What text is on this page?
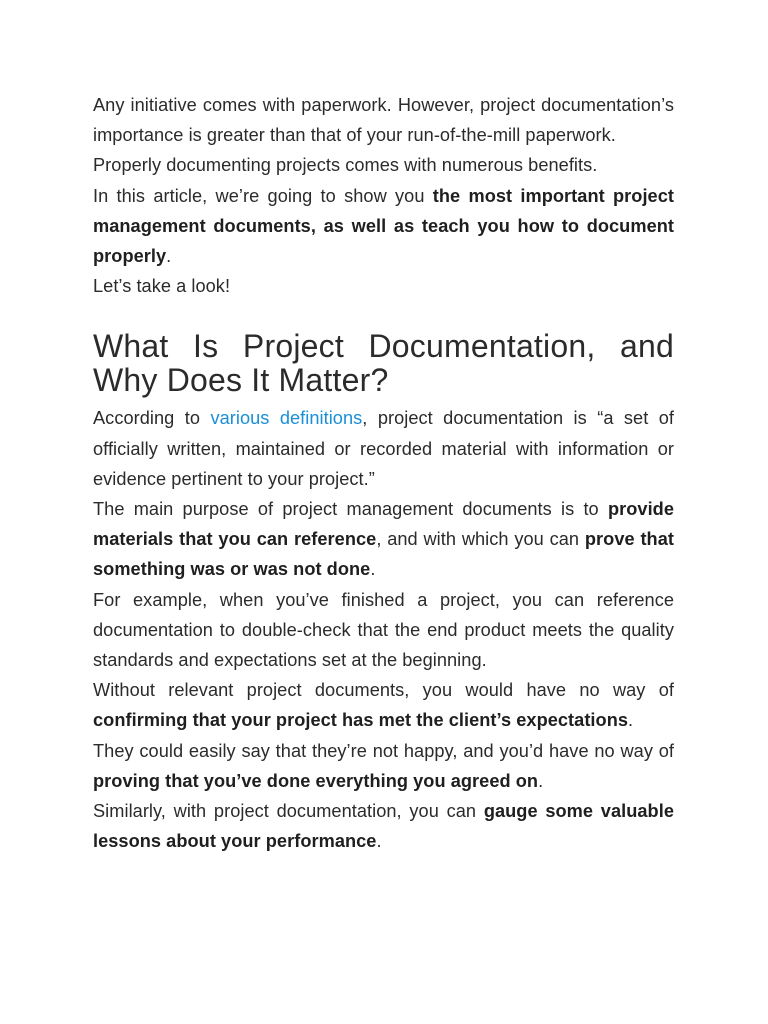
Any initiative comes with paperwork. However, project documentation’s importance is greater than that of your run-of-the-mill paperwork.

Properly documenting projects comes with numerous benefits.

In this article, we’re going to show you the most important project management documents, as well as teach you how to document properly.

Let’s take a look!

What Is Project Documentation, and Why Does It Matter?

According to various definitions, project documentation is “a set of officially written, maintained or recorded material with information or evidence pertinent to your project.”

The main purpose of project management documents is to provide materials that you can reference, and with which you can prove that something was or was not done.

For example, when you’ve finished a project, you can reference documentation to double-check that the end product meets the quality standards and expectations set at the beginning.

Without relevant project documents, you would have no way of confirming that your project has met the client’s expectations.

They could easily say that they’re not happy, and you’d have no way of proving that you’ve done everything you agreed on.

Similarly, with project documentation, you can gauge some valuable lessons about your performance.
